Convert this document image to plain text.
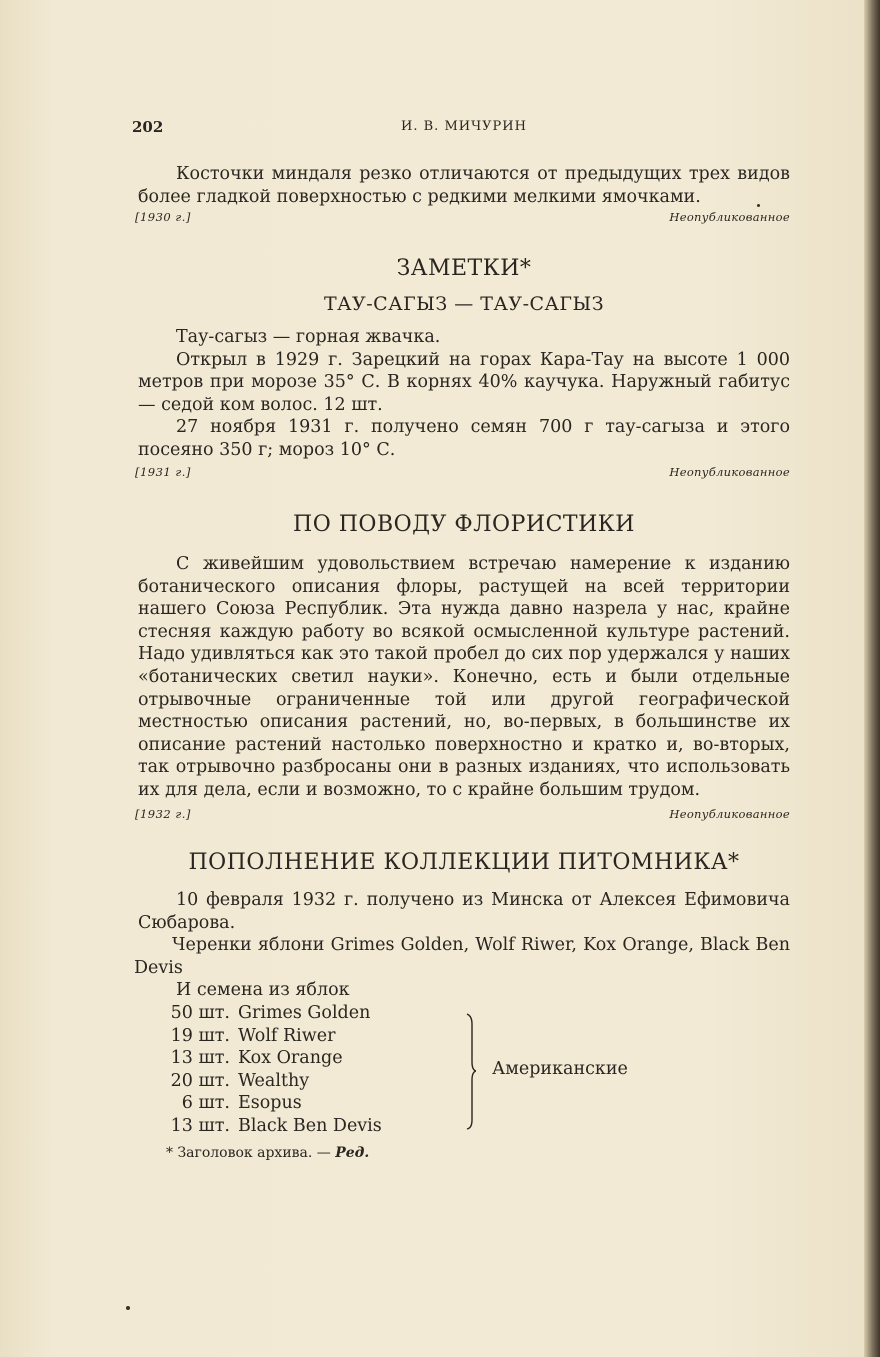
202	И. В. МИЧУРИН

Косточки миндаля резко отличаются от предыдущих трех видов более гладкой поверхностью с редкими мелкими ямочками.

[1930 г.]	Неопубликованное
ЗАМЕТКИ*
ТАУ-САГЫЗ — ТАУ-САГЫЗ

Тау-сагыз — горная жвачка.

Открыл в 1929 г. Зарецкий на горах Кара-Тау на высоте 1 000 метров при морозе 35° С. В корнях 40% каучука. Наружный габитус — седой ком волос. 12 шт.

27 ноября 1931 г. получено семян 700 г тау-сагыза и этого посеяно 350 г; мороз 10° С.

[1931 г.]	Неопубликованное
ПО ПОВОДУ ФЛОРИСТИКИ

С живейшим удовольствием встречаю намерение к изданию ботанического описания флоры, растущей на всей территории нашего Союза Республик. Эта нужда давно назрела у нас, крайне стесняя каждую работу во всякой осмысленной культуре растений. Надо удивляться как это такой пробел до сих пор удержался у наших «ботанических светил науки». Конечно, есть и были отдельные отрывочные ограниченные той или другой географической местностью описания растений, но, во-первых, в большинстве их описание растений настолько поверхностно и кратко и, во-вторых, так отрывочно разбросаны они в разных изданиях, что использовать их для дела, если и возможно, то с крайне большим трудом.

[1932 г.]	Неопубликованное
ПОПОЛНЕНИЕ КОЛЛЕКЦИИ ПИТОМНИКА*

10 февраля 1932 г. получено из Минска от Алексея Ефимовича Сюбарова.

Черенки яблони Grimes Golden, Wolf Riwer, Kox Orange, Black Ben Devis

И семена из яблок

50 шт. Grimes Golden
19 шт. Wolf Riwer
13 шт. Kox Orange
20 шт. Wealthy
6 шт. Esopus
13 шт. Black Ben Devis
Американские
* Заголовок архива. — Ред.
